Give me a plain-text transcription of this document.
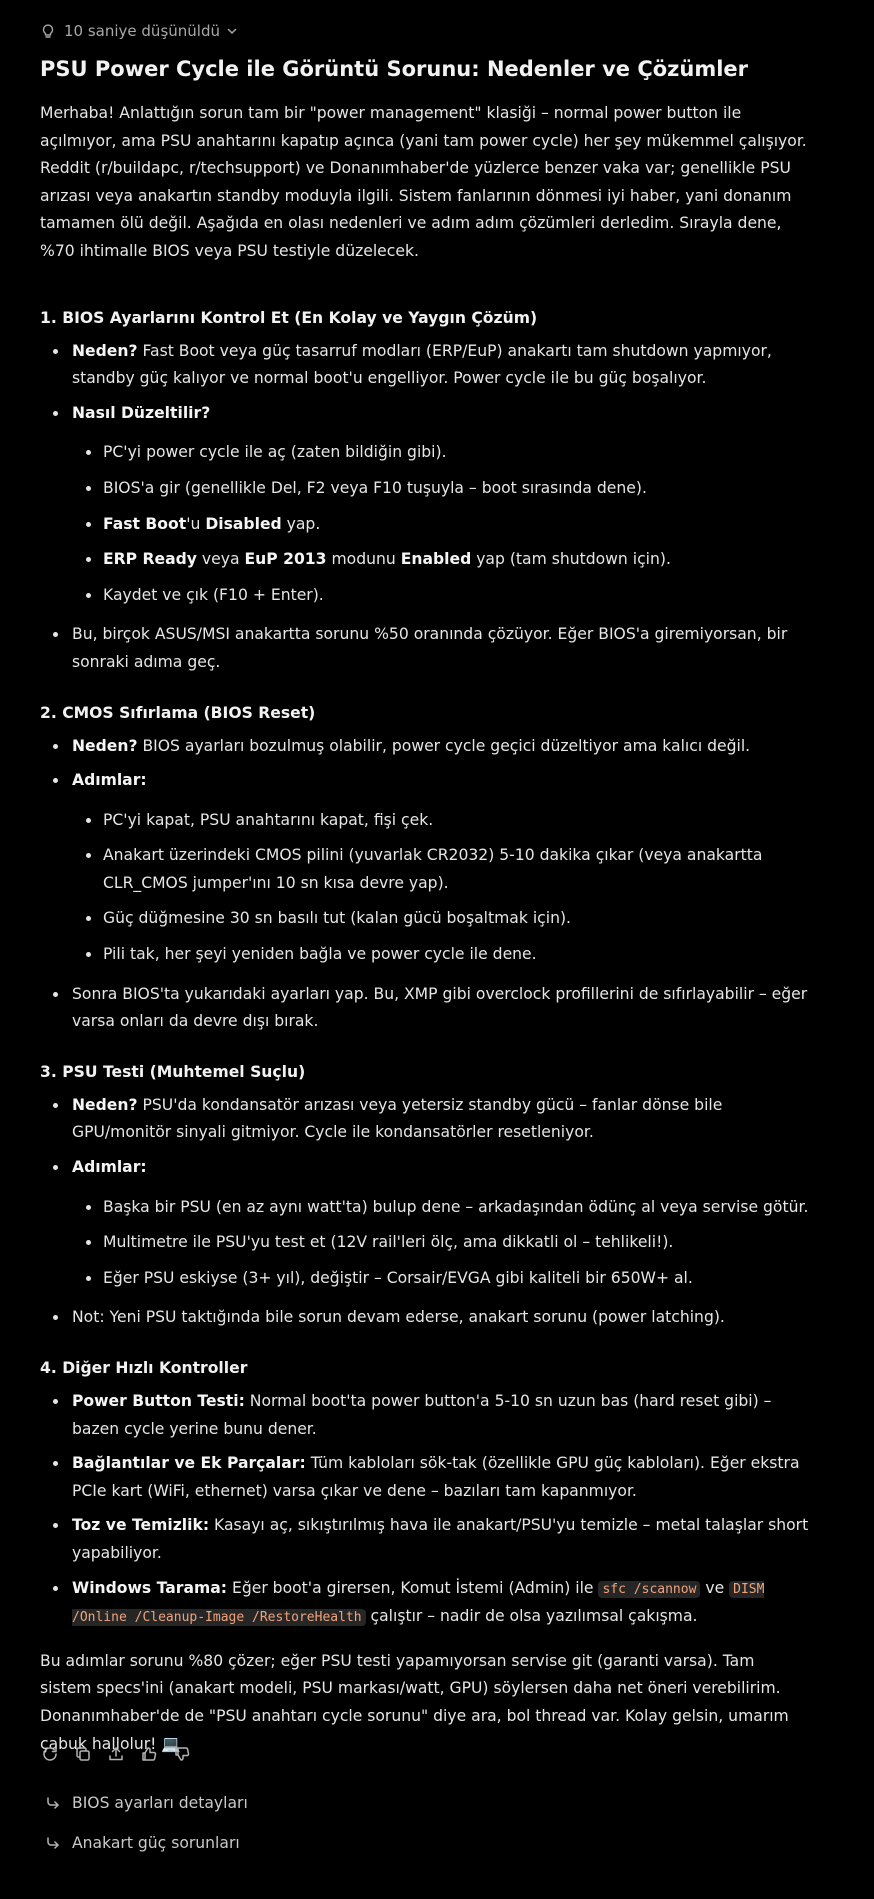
10 saniye düşünüldü
PSU Power Cycle ile Görüntü Sorunu: Nedenler ve Çözümler

Merhaba! Anlattığın sorun tam bir "power management" klasiği – normal power button ile açılmıyor, ama PSU anahtarını kapatıp açınca (yani tam power cycle) her şey mükemmel çalışıyor. Reddit (r/buildapc, r/techsupport) ve Donanımhaber'de yüzlerce benzer vaka var; genellikle PSU arızası veya anakartın standby moduyla ilgili. Sistem fanlarının dönmesi iyi haber, yani donanım tamamen ölü değil. Aşağıda en olası nedenleri ve adım adım çözümleri derledim. Sırayla dene, %70 ihtimalle BIOS veya PSU testiyle düzelecek.

1. BIOS Ayarlarını Kontrol Et (En Kolay ve Yaygın Çözüm)
Neden? Fast Boot veya güç tasarruf modları (ERP/EuP) anakartı tam shutdown yapmıyor, standby güç kalıyor ve normal boot'u engelliyor. Power cycle ile bu güç boşalıyor.
Nasıl Düzeltilir?
PC'yi power cycle ile aç (zaten bildiğin gibi).
BIOS'a gir (genellikle Del, F2 veya F10 tuşuyla – boot sırasında dene).
Fast Boot'u Disabled yap.
ERP Ready veya EuP 2013 modunu Enabled yap (tam shutdown için).
Kaydet ve çık (F10 + Enter).
Bu, birçok ASUS/MSI anakartta sorunu %50 oranında çözüyor. Eğer BIOS'a giremiyorsan, bir sonraki adıma geç.
2. CMOS Sıfırlama (BIOS Reset)
Neden? BIOS ayarları bozulmuş olabilir, power cycle geçici düzeltiyor ama kalıcı değil.
Adımlar:
PC'yi kapat, PSU anahtarını kapat, fişi çek.
Anakart üzerindeki CMOS pilini (yuvarlak CR2032) 5-10 dakika çıkar (veya anakartta CLR_CMOS jumper'ını 10 sn kısa devre yap).
Güç düğmesine 30 sn basılı tut (kalan gücü boşaltmak için).
Pili tak, her şeyi yeniden bağla ve power cycle ile dene.
Sonra BIOS'ta yukarıdaki ayarları yap. Bu, XMP gibi overclock profillerini de sıfırlayabilir – eğer varsa onları da devre dışı bırak.
3. PSU Testi (Muhtemel Suçlu)
Neden? PSU'da kondansatör arızası veya yetersiz standby gücü – fanlar dönse bile GPU/monitör sinyali gitmiyor. Cycle ile kondansatörler resetleniyor.
Adımlar:
Başka bir PSU (en az aynı watt'ta) bulup dene – arkadaşından ödünç al veya servise götür.
Multimetre ile PSU'yu test et (12V rail'leri ölç, ama dikkatli ol – tehlikeli!).
Eğer PSU eskiyse (3+ yıl), değiştir – Corsair/EVGA gibi kaliteli bir 650W+ al.
Not: Yeni PSU taktığında bile sorun devam ederse, anakart sorunu (power latching).
4. Diğer Hızlı Kontroller
Power Button Testi: Normal boot'ta power button'a 5-10 sn uzun bas (hard reset gibi) – bazen cycle yerine bunu dener.
Bağlantılar ve Ek Parçalar: Tüm kabloları sök-tak (özellikle GPU güç kabloları). Eğer ekstra PCIe kart (WiFi, ethernet) varsa çıkar ve dene – bazıları tam kapanmıyor.
Toz ve Temizlik: Kasayı aç, sıkıştırılmış hava ile anakart/PSU'yu temizle – metal talaşlar short yapabiliyor.
Windows Tarama: Eğer boot'a girersen, Komut İstemi (Admin) ile sfc /scannow ve DISM /Online /Cleanup-Image /RestoreHealth çalıştır – nadir de olsa yazılımsal çakışma.

Bu adımlar sorunu %80 çözer; eğer PSU testi yapamıyorsan servise git (garanti varsa). Tam sistem specs'ini (anakart modeli, PSU markası/watt, GPU) söylersen daha net öneri verebilirim. Donanımhaber'de de "PSU anahtarı cycle sorunu" diye ara, bol thread var. Kolay gelsin, umarım çabuk hallolur! 💻

BIOS ayarları detayları
Anakart güç sorunları
